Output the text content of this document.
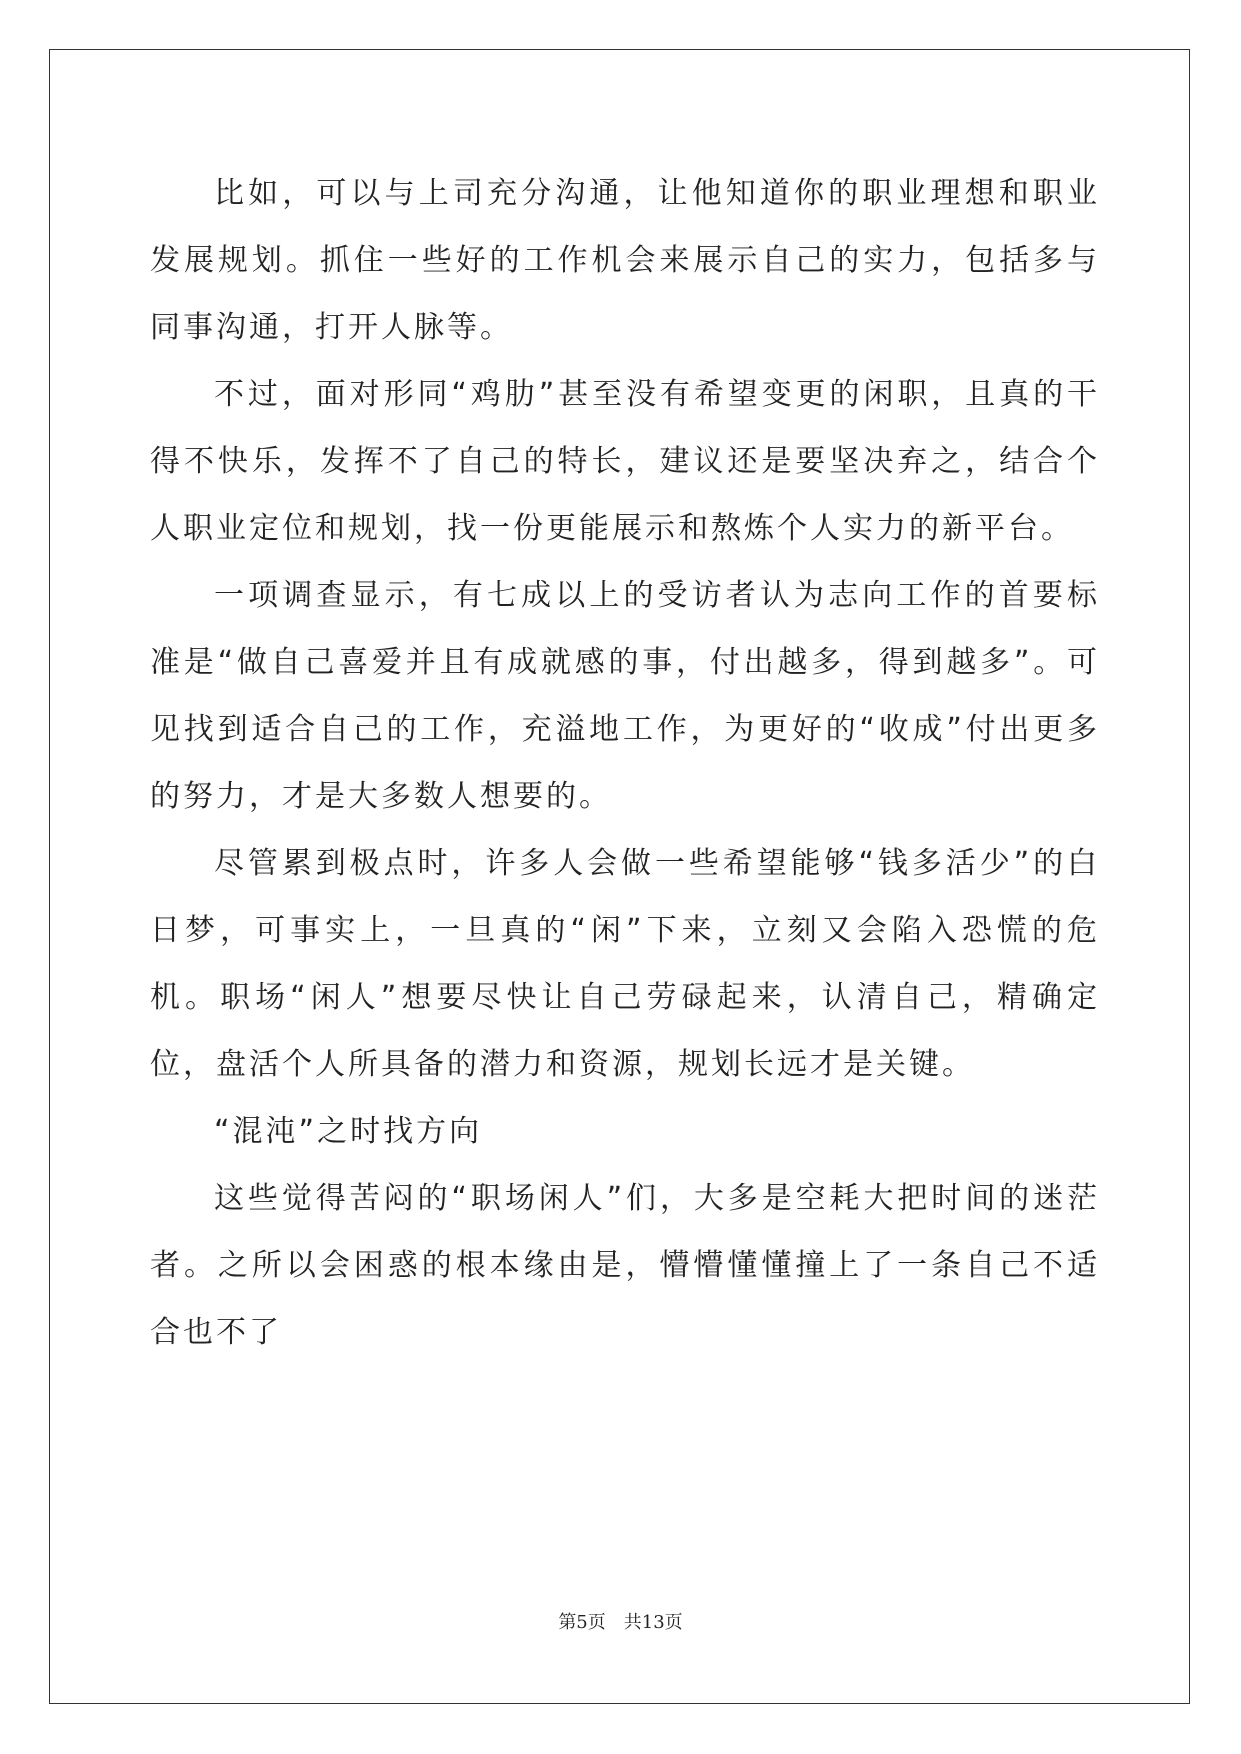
比如，可以与上司充分沟通，让他知道你的职业理想和职业发展规划。抓住一些好的工作机会来展示自己的实力，包括多与同事沟通，打开人脉等。

不过，面对形同“鸡肋”甚至没有希望变更的闲职，且真的干得不快乐，发挥不了自己的特长，建议还是要坚决弃之，结合个人职业定位和规划，找一份更能展示和熬炼个人实力的新平台。

一项调查显示，有七成以上的受访者认为志向工作的首要标准是“做自己喜爱并且有成就感的事，付出越多，得到越多”。可见找到适合自己的工作，充溢地工作，为更好的“收成”付出更多的努力，才是大多数人想要的。

尽管累到极点时，许多人会做一些希望能够“钱多活少”的白日梦，可事实上，一旦真的“闲”下来，立刻又会陷入恐慌的危机。职场“闲人”想要尽快让自己劳碌起来，认清自己，精确定位，盘活个人所具备的潜力和资源，规划长远才是关键。

“混沌”之时找方向

这些觉得苦闷的“职场闲人”们，大多是空耗大把时间的迷茫者。之所以会困惑的根本缘由是，懵懵懂懂撞上了一条自己不适合也不了

第5页 共13页
